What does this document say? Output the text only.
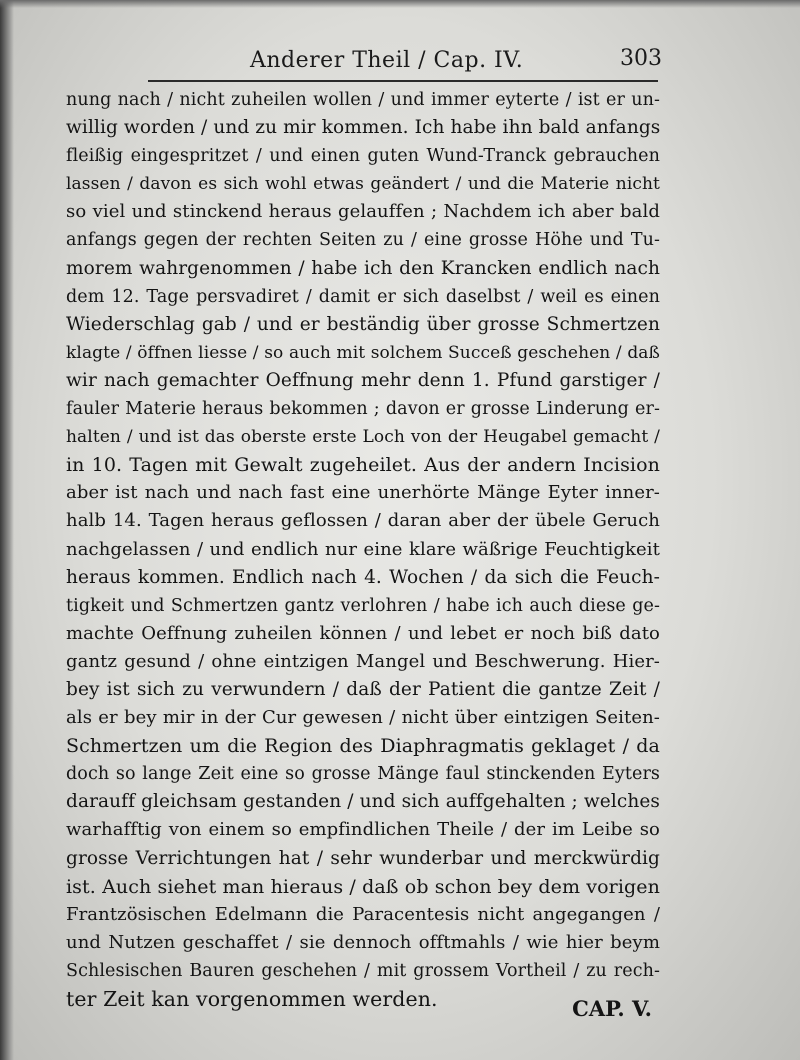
Anderer Theil / Cap. IV.	303
nung nach / nicht zuheilen wollen / und immer eyterte / ist er un-
willig worden / und zu mir kommen. Ich habe ihn bald anfangs
fleißig eingespritzet / und einen guten Wund-Tranck gebrauchen
lassen / davon es sich wohl etwas geändert / und die Materie nicht
so viel und stinckend heraus gelauffen ; Nachdem ich aber bald
anfangs gegen der rechten Seiten zu / eine grosse Höhe und Tu-
morem wahrgenommen / habe ich den Krancken endlich nach
dem 12. Tage persvadiret / damit er sich daselbst / weil es einen
Wiederschlag gab / und er beständig über grosse Schmertzen
klagte / öffnen liesse / so auch mit solchem Succeß geschehen / daß
wir nach gemachter Oeffnung mehr denn 1. Pfund garstiger /
fauler Materie heraus bekommen ; davon er grosse Linderung er-
halten / und ist das oberste erste Loch von der Heugabel gemacht /
in 10. Tagen mit Gewalt zugeheilet. Aus der andern Incision
aber ist nach und nach fast eine unerhörte Mänge Eyter inner-
halb 14. Tagen heraus geflossen / daran aber der übele Geruch
nachgelassen / und endlich nur eine klare wäßrige Feuchtigkeit
heraus kommen. Endlich nach 4. Wochen / da sich die Feuch-
tigkeit und Schmertzen gantz verlohren / habe ich auch diese ge-
machte Oeffnung zuheilen können / und lebet er noch biß dato
gantz gesund / ohne eintzigen Mangel und Beschwerung. Hier-
bey ist sich zu verwundern / daß der Patient die gantze Zeit /
als er bey mir in der Cur gewesen / nicht über eintzigen Seiten-
Schmertzen um die Region des Diaphragmatis geklaget / da
doch so lange Zeit eine so grosse Mänge faul stinckenden Eyters
darauff gleichsam gestanden / und sich auffgehalten ; welches
warhafftig von einem so empfindlichen Theile / der im Leibe so
grosse Verrichtungen hat / sehr wunderbar und merckwürdig
ist. Auch siehet man hieraus / daß ob schon bey dem vorigen
Frantzösischen Edelmann die Paracentesis nicht angegangen /
und Nutzen geschaffet / sie dennoch offtmahls / wie hier beym
Schlesischen Bauren geschehen / mit grossem Vortheil / zu rech-
ter Zeit kan vorgenommen werden.	CAP. V.
